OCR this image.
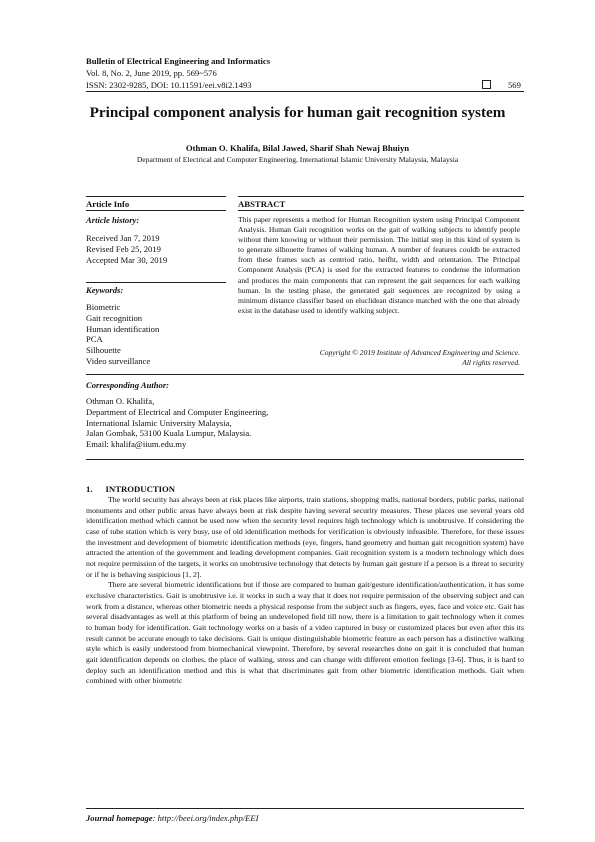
Bulletin of Electrical Engineering and Informatics
Vol. 8, No. 2, June 2019, pp. 569~576
ISSN: 2302-9285, DOI: 10.11591/eei.v8i2.1493	569
Principal component analysis for human gait recognition system
Othman O. Khalifa, Bilal Jawed, Sharif Shah Newaj Bhuiyn
Department of Electrical and Computer Engineering, International Islamic University Malaysia, Malaysia
Article Info	ABSTRACT
Article history:
Received Jan 7, 2019
Revised Feb 25, 2019
Accepted Mar 30, 2019
Keywords:
Biometric
Gait recognition
Human identification
PCA
Silhouette
Video surveillance
This paper represents a method for Human Recognition system using Principal Component Analysis. Human Gait recognition works on the gait of walking subjects to identify people without them knowing or without their permission. The initial step in this kind of system is to generate silhouette frames of walking human. A number of features couldb be extracted from these frames such as centriod ratio, heifht, width and orientation. The Principal Component Analysis (PCA) is used for the extracted features to condense the information and produces the main components that can represent the gait sequences for each waiking human. In the testing phase, the generated gait sequences are recognized by using a minimum distance classifier based on eluclidean distance matched with the one that already exist in the database used to identify walking subject.
Copyright © 2019 Institute of Advanced Engineering and Science.
All rights reserved.
Corresponding Author:
Othman O. Khalifa,
Department of Electrical and Computer Engineering,
International Islamic University Malaysia,
Jalan Gombak, 53100 Kuala Lumpur, Malaysia.
Email: khalifa@iium.edu.my
1.      INTRODUCTION

The world security has always been at risk places like airports, train stations, shopping malls, national borders, public parks, national monuments and other public areas have always been at risk despite having several security measures. These places use several years old identification method which cannot be used now when the security level requires high technology which is unobtrusive. If considering the case of tube station which is very busy, use of old identification methods for verification is obviously infeasible. Therefore, for these issues the investment and development of biometric identification methods (eye, fingers, hand geometry and human gait recognition system) have attracted the attention of the government and leading development companies. Gait recognition system is a modern technology which does not require permission of the targets, it works on unobtrusive technology that detects by human gait gesture if a person is a threat to security or if he is behaving suspicious [1, 2].

There are several biometric identifications but if those are compared to human gait/gesture identification/authentication, it has some exclusive characteristics. Gait is unobtrusive i.e. it works in such a way that it does not require permission of the observing subject and can work from a distance, whereas other biometric needs a physical response from the subject such as fingers, eyes, face and voice etc. Gait has several disadvantages as well at this platform of being an undeveloped field till now, there is a limitation to gait technology when it comes to human body for identification. Gait technology works on a basis of a video captured in busy or customized places but even after this its result cannot be accurate enough to take decisions. Gait is unique distinguishable biometric feature as each person has a distinctive walking style which is easily understood from biomechanical viewpoint. Therefore, by several researches done on gait it is concluded that human gait identification depends on clothes, the place of walking, stress and can change with different emotion feelings [3-6]. Thus, it is hard to deploy such an identification method and this is what that discriminates gait from other biometric identification methods. Gait when combined with other biometric

Journal homepage: http://beei.org/index.php/EEI
